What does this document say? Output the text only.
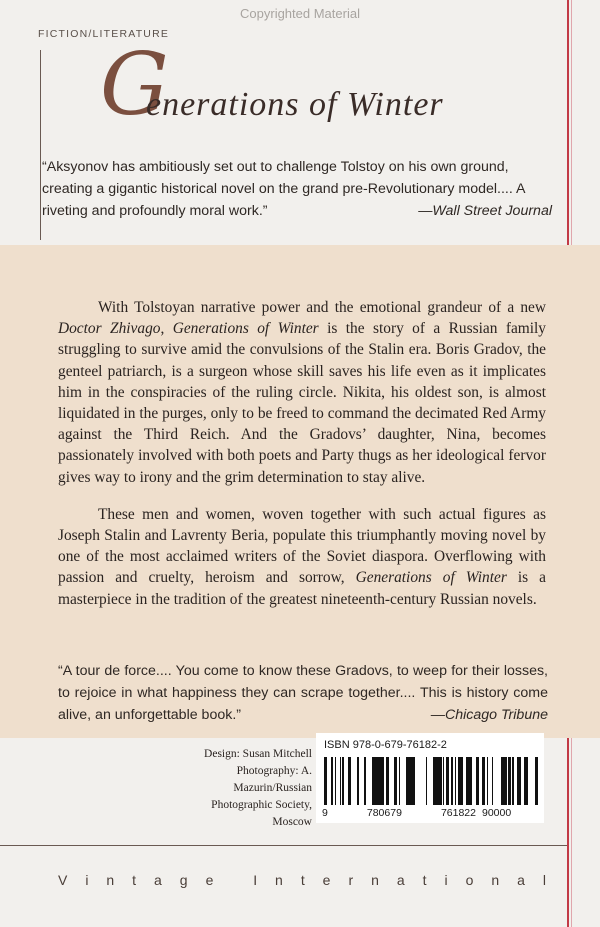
Copyrighted Material
FICTION/LITERATURE
G
enerations of Winter
“Aksyonov has ambitiously set out to challenge Tolstoy on his own ground, creating a gigantic historical novel on the grand pre-Revolutionary model.... A riveting and profoundly moral work.”	—Wall Street Journal

With Tolstoyan narrative power and the emotional grandeur of a new Doctor Zhivago, Generations of Winter is the story of a Russian family struggling to survive amid the convulsions of the Stalin era. Boris Gradov, the genteel patriarch, is a surgeon whose skill saves his life even as it implicates him in the conspiracies of the ruling circle. Nikita, his oldest son, is almost liquidated in the purges, only to be freed to command the decimated Red Army against the Third Reich. And the Gradovs’ daughter, Nina, becomes passionately involved with both poets and Party thugs as her ideological fervor gives way to irony and the grim determination to stay alive.

These men and women, woven together with such actual figures as Joseph Stalin and Lavrenty Beria, populate this triumphantly moving novel by one of the most acclaimed writers of the Soviet diaspora. Overflowing with passion and cruelty, heroism and sorrow, Generations of Winter is a masterpiece in the tradition of the greatest nineteenth-century Russian novels.

“A tour de force.... You come to know these Gradovs, to weep for their losses, to rejoice in what happiness they can scrape together.... This is history come alive, an unforgettable book.”	—Chicago Tribune
Design: Susan Mitchell
Photography: A. Mazurin/Russian
Photographic Society, Moscow
ISBN 978-0-679-76182-2
9	780679	761822 90000
V i n t a g e
	I n t e r n a t i o n a l
